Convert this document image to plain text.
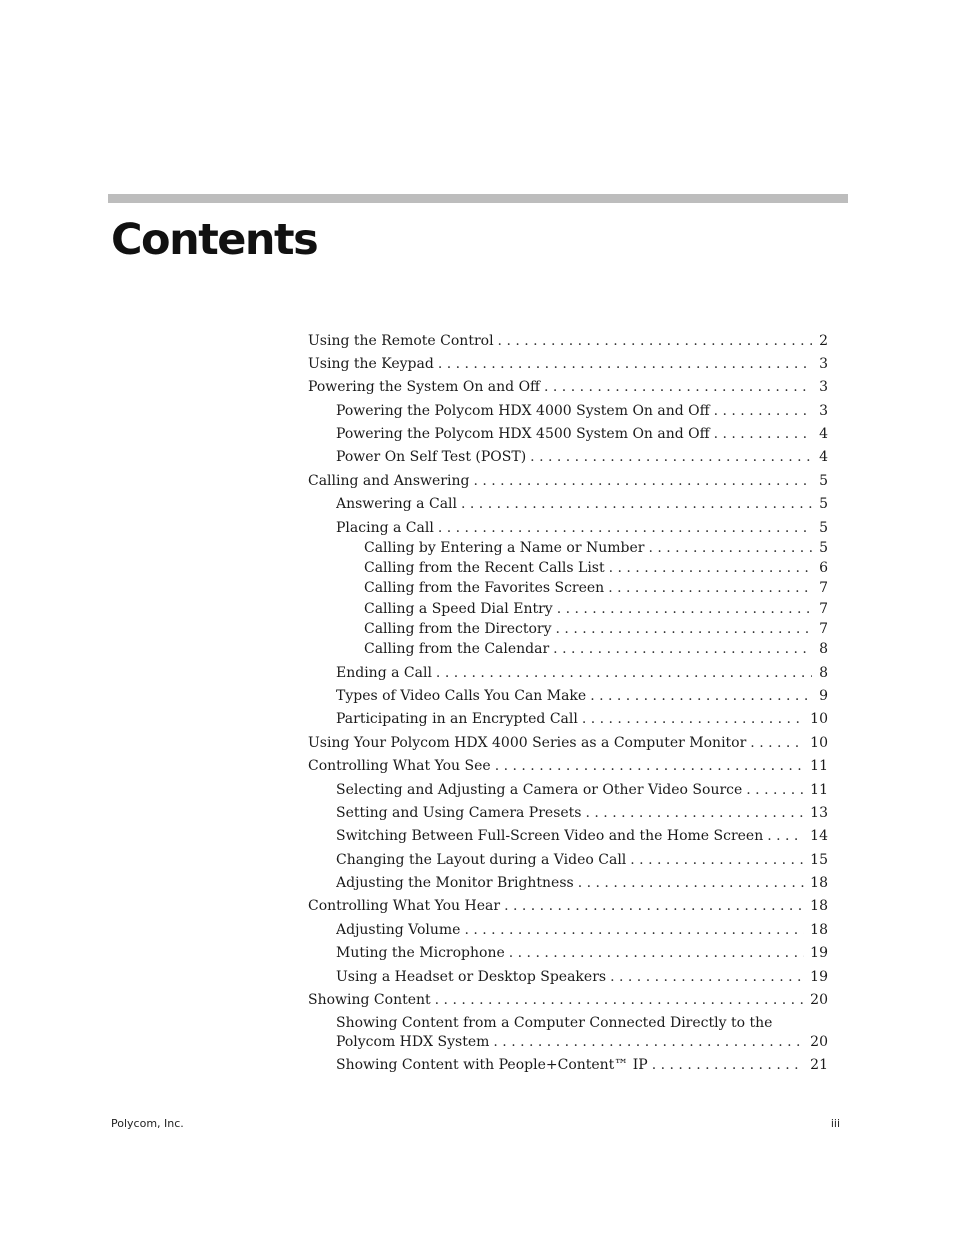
Contents
Using the Remote Control . . .	2
Using the Keypad . . .	3
Powering the System On and Off . . .	3
Powering the Polycom HDX 4000 System On and Off . . .	3
Powering the Polycom HDX 4500 System On and Off . . .	4
Power On Self Test (POST) . . .	4
Calling and Answering . . .	5
Answering a Call . . .	5
Placing a Call . . .	5
Calling by Entering a Name or Number . . .	5
Calling from the Recent Calls List . . .	6
Calling from the Favorites Screen . . .	7
Calling a Speed Dial Entry . . .	7
Calling from the Directory . . .	7
Calling from the Calendar . . .	8
Ending a Call . . .	8
Types of Video Calls You Can Make . . .	9
Participating in an Encrypted Call . . .	10
Using Your Polycom HDX 4000 Series as a Computer Monitor . . .	10
Controlling What You See . . .	11
Selecting and Adjusting a Camera or Other Video Source . . .	11
Setting and Using Camera Presets . . .	13
Switching Between Full-Screen Video and the Home Screen . . .	14
Changing the Layout during a Video Call . . .	15
Adjusting the Monitor Brightness . . .	18
Controlling What You Hear . . .	18
Adjusting Volume . . .	18
Muting the Microphone . . .	19
Using a Headset or Desktop Speakers . . .	19
Showing Content . . .	20
Showing Content from a Computer Connected Directly to the
Polycom HDX System . . .	20
Showing Content with People+Content™ IP . . .	21
Polycom, Inc.	iii
